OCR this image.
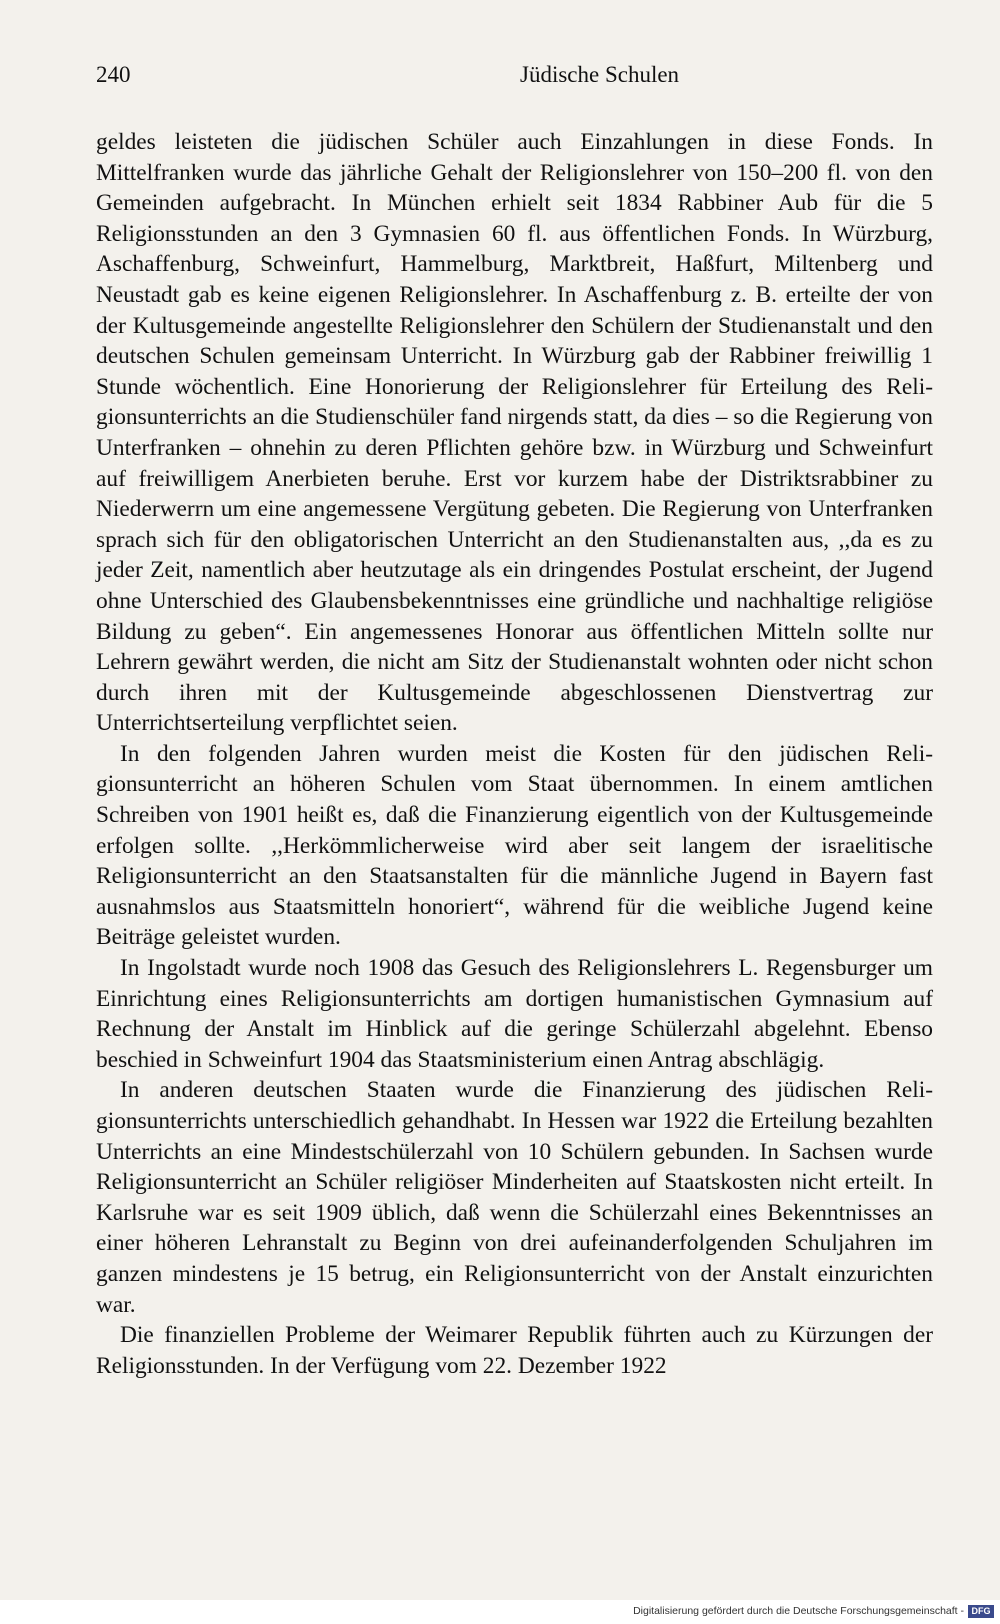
240	Jüdische Schulen

geldes leisteten die jüdischen Schüler auch Einzahlungen in diese Fonds. In Mittelfranken wurde das jährliche Gehalt der Religionslehrer von 150–200 fl. von den Gemeinden aufgebracht. In München erhielt seit 1834 Rabbiner Aub für die 5 Religionsstunden an den 3 Gymnasien 60 fl. aus öffentlichen Fonds. In Würzburg, Aschaffenburg, Schweinfurt, Hammelburg, Marktbreit, Haßfurt, Miltenberg und Neustadt gab es keine eigenen Religionslehrer. In Aschaffenburg z. B. erteilte der von der Kultusgemeinde angestellte Religionslehrer den Schülern der Studienanstalt und den deutschen Schulen gemeinsam Unterricht. In Würzburg gab der Rabbiner freiwillig 1 Stunde wöchentlich. Eine Honorierung der Religionslehrer für Erteilung des Religionsunterrichts an die Studienschüler fand nirgends statt, da dies – so die Regierung von Unterfranken – ohnehin zu deren Pflichten gehöre bzw. in Würzburg und Schweinfurt auf freiwilligem Anerbieten beruhe. Erst vor kurzem habe der Distriktsrabbiner zu Niederwerrn um eine angemessene Vergütung gebeten. Die Regierung von Unterfranken sprach sich für den obligatorischen Unterricht an den Studienanstalten aus, ,,da es zu jeder Zeit, namentlich aber heutzutage als ein dringendes Postulat erscheint, der Jugend ohne Unterschied des Glaubensbekenntnisses eine gründliche und nachhaltige religiöse Bildung zu geben“. Ein angemessenes Honorar aus öffentlichen Mitteln sollte nur Lehrern gewährt werden, die nicht am Sitz der Studienanstalt wohnten oder nicht schon durch ihren mit der Kultusgemeinde abgeschlossenen Dienstvertrag zur Unterrichtserteilung verpflichtet seien.

In den folgenden Jahren wurden meist die Kosten für den jüdischen Religionsunterricht an höheren Schulen vom Staat übernommen. In einem amtlichen Schreiben von 1901 heißt es, daß die Finanzierung eigentlich von der Kultusgemeinde erfolgen sollte. ,,Herkömmlicherweise wird aber seit langem der israelitische Religionsunterricht an den Staatsanstalten für die männliche Jugend in Bayern fast ausnahmslos aus Staatsmitteln honoriert“, während für die weibliche Jugend keine Beiträge geleistet wurden.

In Ingolstadt wurde noch 1908 das Gesuch des Religionslehrers L. Regensburger um Einrichtung eines Religionsunterrichts am dortigen humanistischen Gymnasium auf Rechnung der Anstalt im Hinblick auf die geringe Schülerzahl abgelehnt. Ebenso beschied in Schweinfurt 1904 das Staatsministerium einen Antrag abschlägig.

In anderen deutschen Staaten wurde die Finanzierung des jüdischen Religionsunterrichts unterschiedlich gehandhabt. In Hessen war 1922 die Erteilung bezahlten Unterrichts an eine Mindestschülerzahl von 10 Schülern gebunden. In Sachsen wurde Religionsunterricht an Schüler religiöser Minderheiten auf Staatskosten nicht erteilt. In Karlsruhe war es seit 1909 üblich, daß wenn die Schülerzahl eines Bekenntnisses an einer höheren Lehranstalt zu Beginn von drei aufeinanderfolgenden Schuljahren im ganzen mindestens je 15 betrug, ein Religionsunterricht von der Anstalt einzurichten war.

Die finanziellen Probleme der Weimarer Republik führten auch zu Kürzungen der Religionsstunden. In der Verfügung vom 22. Dezember 1922

Digitalisierung gefördert durch die Deutsche Forschungsgemeinschaft - DFG
